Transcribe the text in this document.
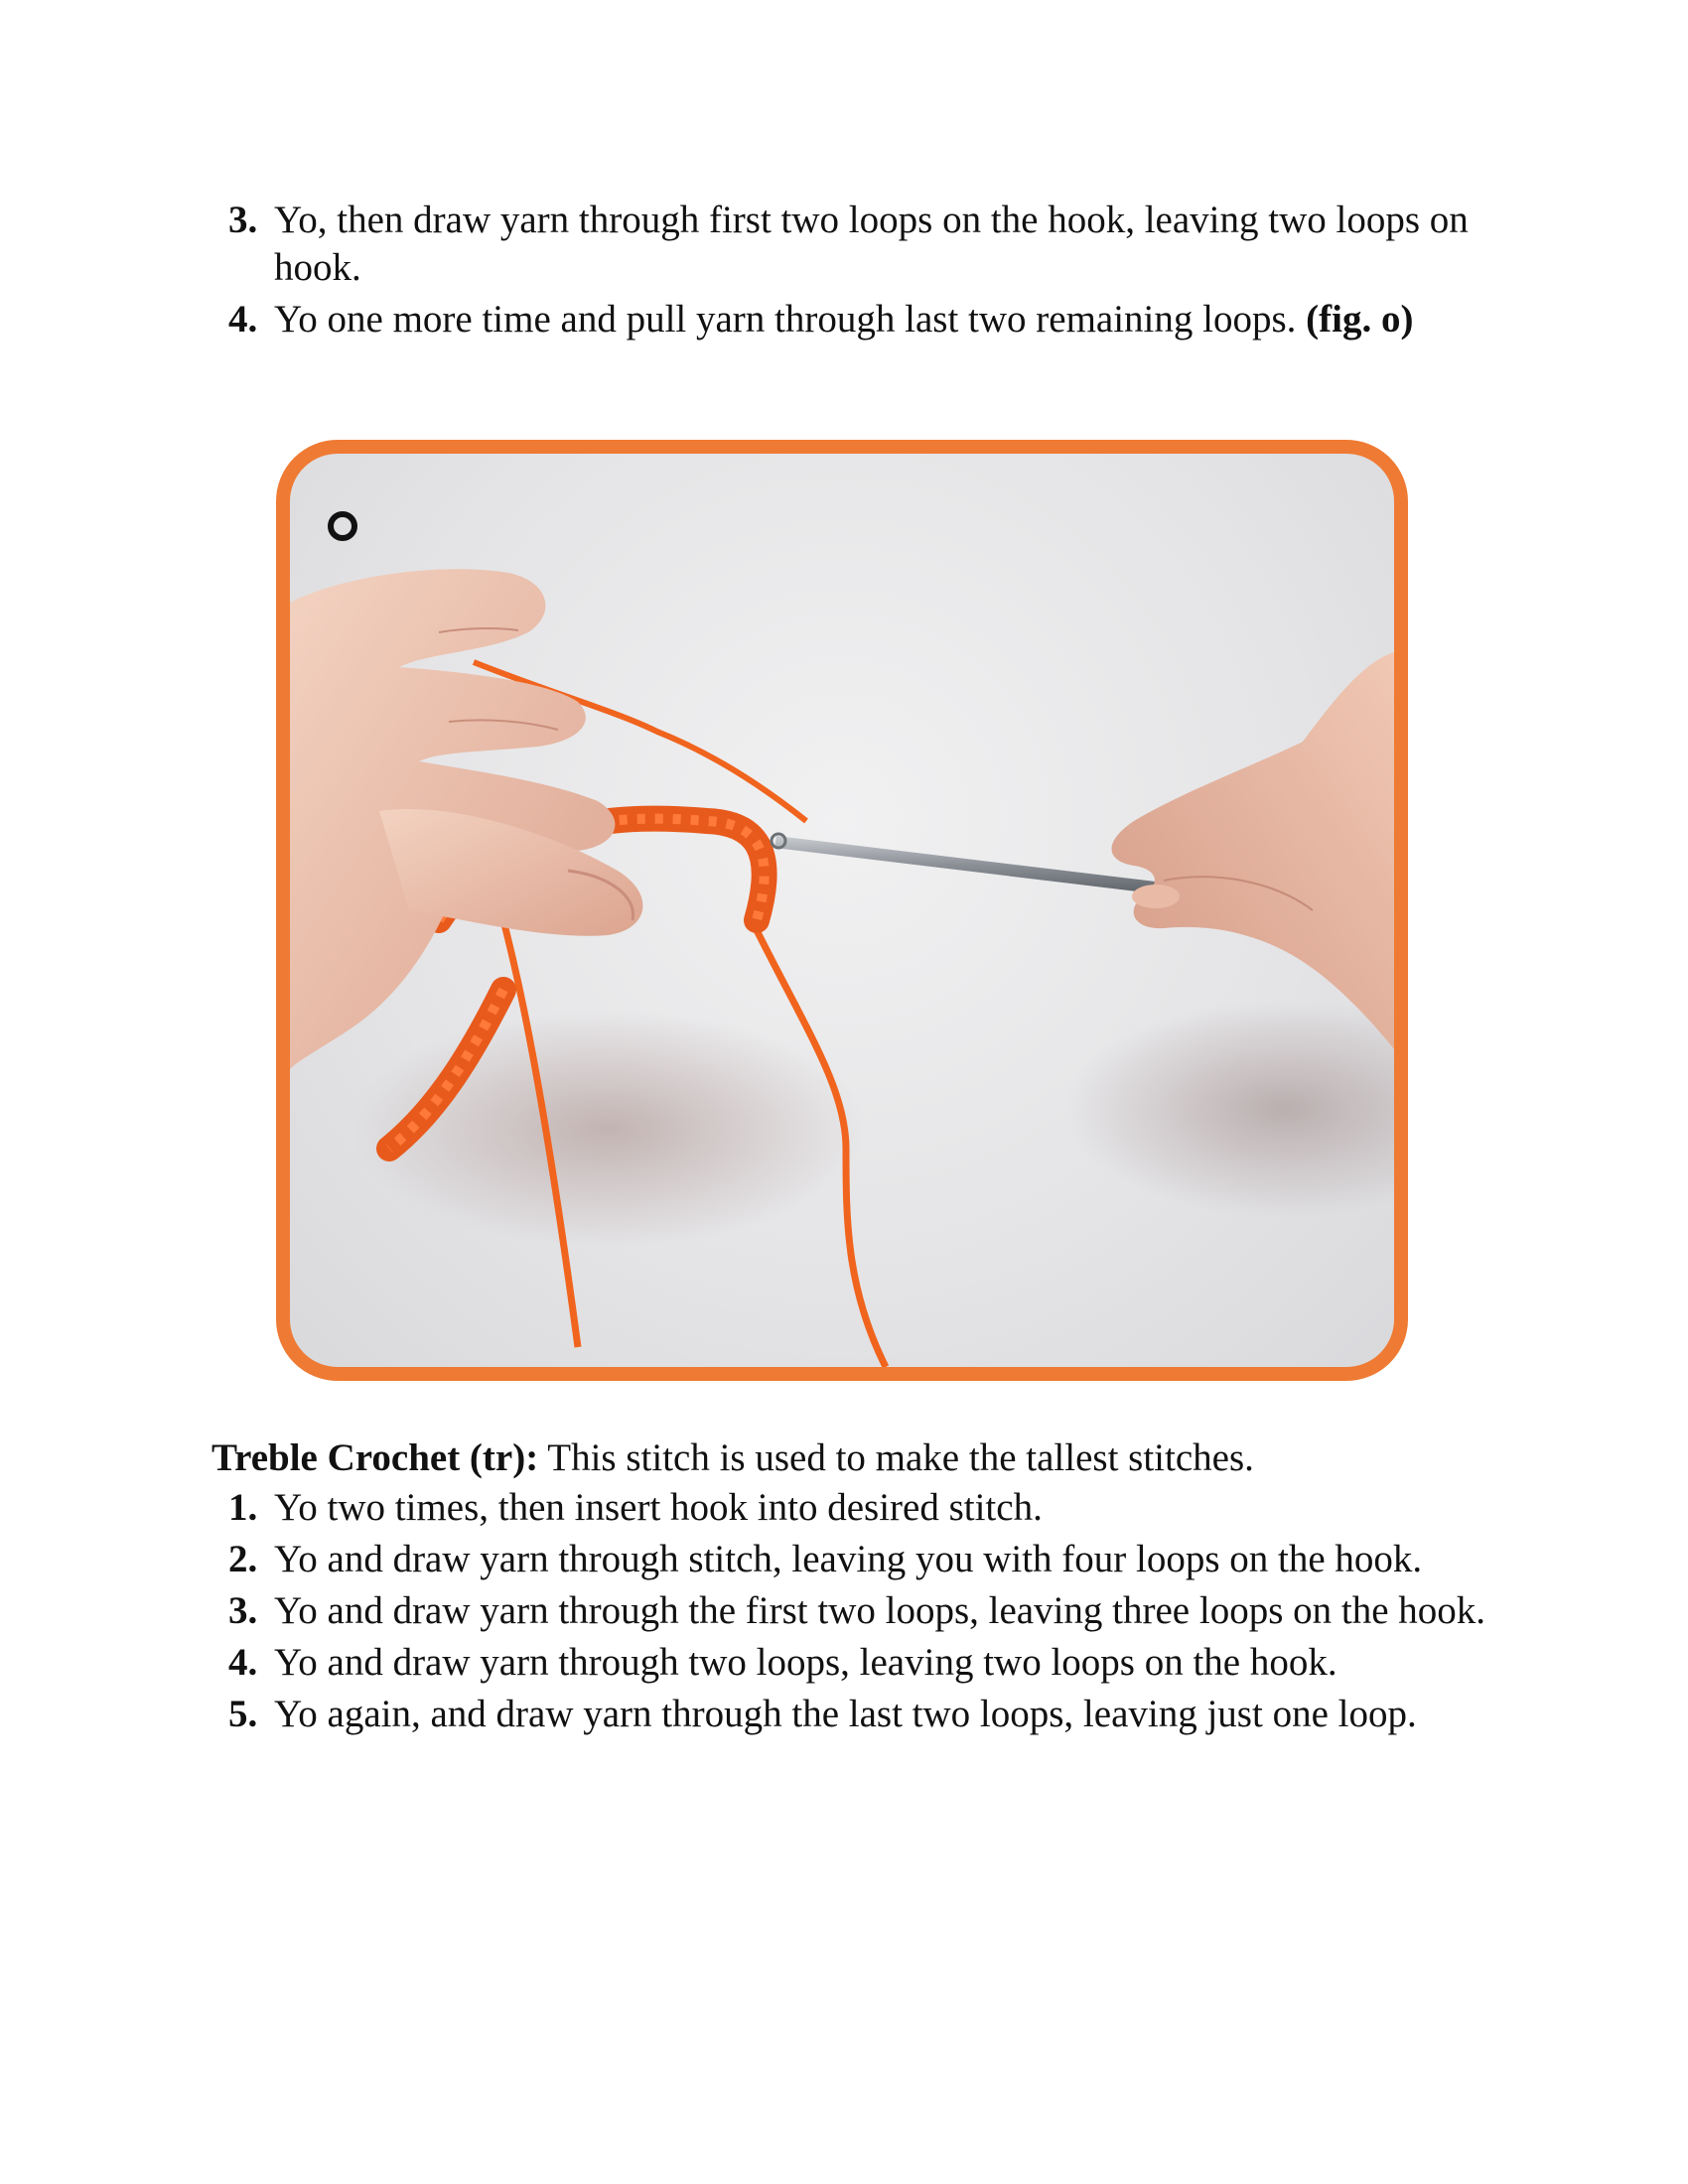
3. Yo, then draw yarn through first two loops on the hook, leaving two loops on hook.
4. Yo one more time and pull yarn through last two remaining loops. (fig. o)

Treble Crochet (tr): This stitch is used to make the tallest stitches.

1. Yo two times, then insert hook into desired stitch.
2. Yo and draw yarn through stitch, leaving you with four loops on the hook.
3. Yo and draw yarn through the first two loops, leaving three loops on the hook.
4. Yo and draw yarn through two loops, leaving two loops on the hook.
5. Yo again, and draw yarn through the last two loops, leaving just one loop.
